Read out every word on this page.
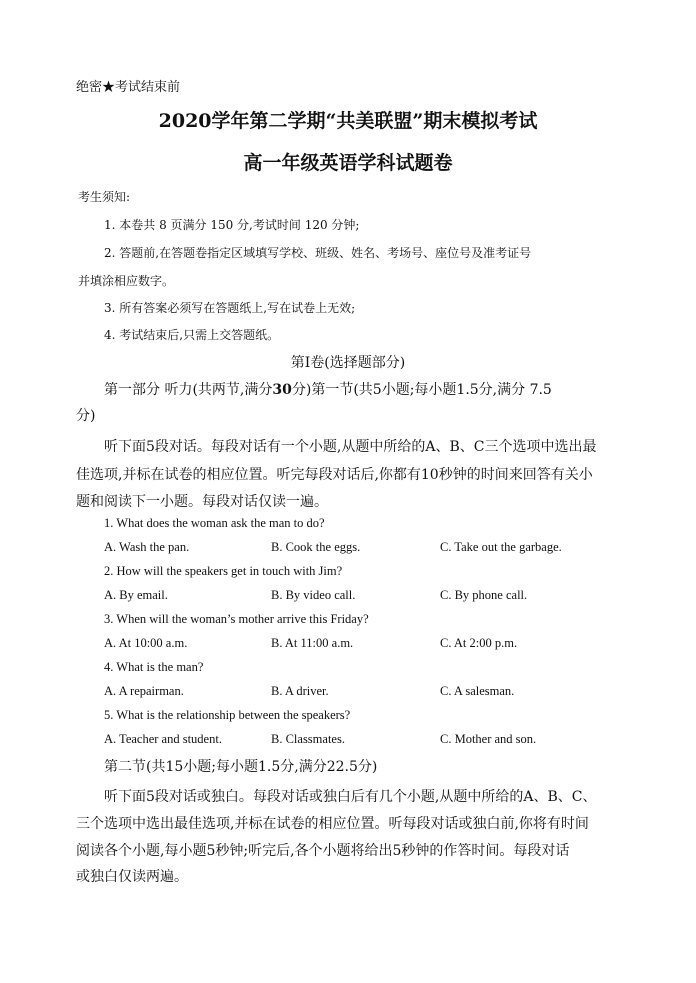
绝密★考试结束前
2020学年第二学期“共美联盟”期末模拟考试
高一年级英语学科试题卷
考生须知:
1. 本卷共 8 页满分 150 分,考试时间 120 分钟;
2. 答题前,在答题卷指定区域填写学校、班级、姓名、考场号、座位号及准考证号
并填涂相应数字。
3. 所有答案必须写在答题纸上,写在试卷上无效;
4. 考试结束后,只需上交答题纸。
第I卷(选择题部分)
第一部分 听力(共两节,满分30分)第一节(共5小题;每小题1.5分,满分 7.5
分)
听下面5段对话。每段对话有一个小题,从题中所给的A、B、C三个选项中选出最
佳选项,并标在试卷的相应位置。听完每段对话后,你都有10秒钟的时间来回答有关小
题和阅读下一小题。每段对话仅读一遍。
1. What does the woman ask the man to do?
A. Wash the pan.	B. Cook the eggs.	C. Take out the garbage.
2. How will the speakers get in touch with Jim?
A. By email.	B. By video call.	C. By phone call.
3. When will the woman’s mother arrive this Friday?
A. At 10:00 a.m.	B. At 11:00 a.m.	C. At 2:00 p.m.
4. What is the man?
A. A repairman.	B. A driver.	C. A salesman.
5. What is the relationship between the speakers?
A. Teacher and student.	B. Classmates.	C. Mother and son.
第二节(共15小题;每小题1.5分,满分22.5分)
听下面5段对话或独白。每段对话或独白后有几个小题,从题中所给的A、B、C、
三个选项中选出最佳选项,并标在试卷的相应位置。听每段对话或独白前,你将有时间
阅读各个小题,每小题5秒钟;听完后,各个小题将给出5秒钟的作答时间。每段对话
或独白仅读两遍。
